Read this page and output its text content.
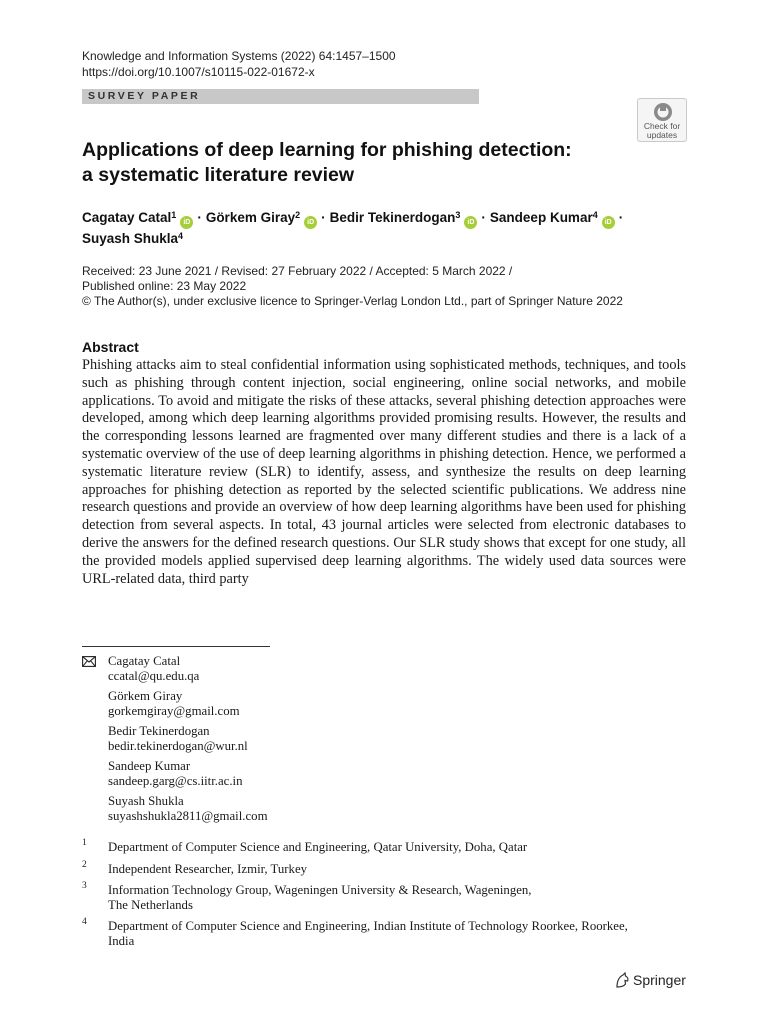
Knowledge and Information Systems (2022) 64:1457–1500
https://doi.org/10.1007/s10115-022-01672-x
SURVEY PAPER
Check for
updates
Applications of deep learning for phishing detection:
a systematic literature review
Cagatay Catal$^1$iD · Görkem Giray$^2$iD · Bedir Tekinerdogan$^3$iD · Sandeep Kumar$^4$iD ·
Suyash Shukla$^4$
Received: 23 June 2021 / Revised: 27 February 2022 / Accepted: 5 March 2022 /
Published online: 23 May 2022
© The Author(s), under exclusive licence to Springer-Verlag London Ltd., part of Springer Nature 2022
Abstract

Phishing attacks aim to steal confidential information using sophisticated methods, techniques, and tools such as phishing through content injection, social engineering, online social networks, and mobile applications. To avoid and mitigate the risks of these attacks, several phishing detection approaches were developed, among which deep learning algorithms provided promising results. However, the results and the corresponding lessons learned are fragmented over many different studies and there is a lack of a systematic overview of the use of deep learning algorithms in phishing detection. Hence, we performed a systematic literature review (SLR) to identify, assess, and synthesize the results on deep learning approaches for phishing detection as reported by the selected scientific publications. We address nine research questions and provide an overview of how deep learning algorithms have been used for phishing detection from several aspects. In total, 43 journal articles were selected from electronic databases to derive the answers for the defined research questions. Our SLR study shows that except for one study, all the provided models applied supervised deep learning algorithms. The widely used data sources were URL-related data, third party

Cagatay Catal
ccatal@qu.edu.qa
Görkem Giray
gorkemgiray@gmail.com
Bedir Tekinerdogan
bedir.tekinerdogan@wur.nl
Sandeep Kumar
sandeep.garg@cs.iitr.ac.in
Suyash Shukla
suyashshukla2811@gmail.com
1 Department of Computer Science and Engineering, Qatar University, Doha, Qatar
2 Independent Researcher, Izmir, Turkey
3 Information Technology Group, Wageningen University & Research, Wageningen,
The Netherlands
4 Department of Computer Science and Engineering, Indian Institute of Technology Roorkee, Roorkee,
India
Springer
